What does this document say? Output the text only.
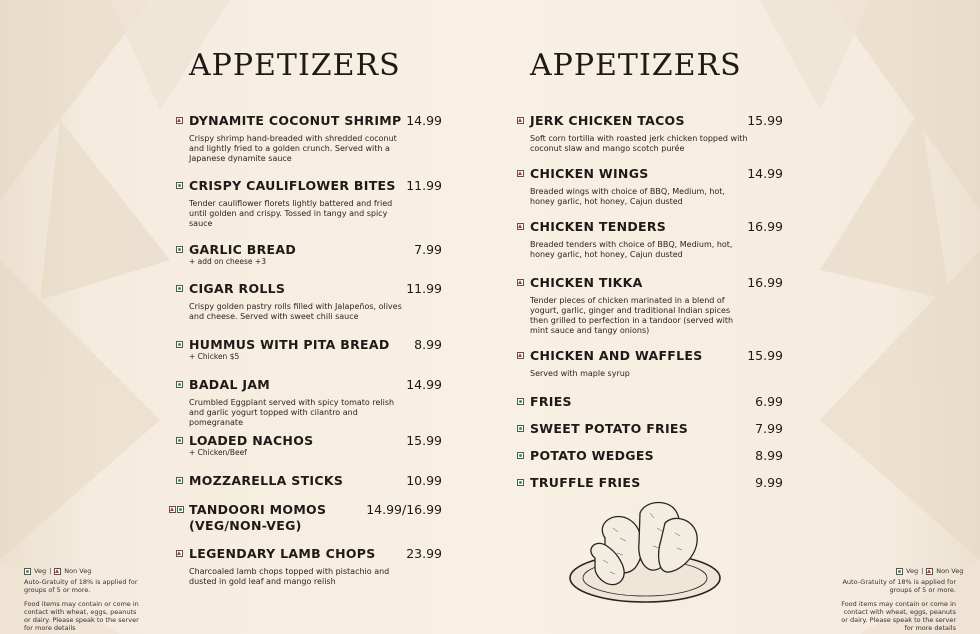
APPETIZERS
DYNAMITE COCONUT SHRIMP 14.99
Crispy shrimp hand-breaded with shredded coconut and lightly fried to a golden crunch. Served with a Japanese dynamite sauce
CRISPY CAULIFLOWER BITES 11.99
Tender cauliflower florets lightly battered and fried until golden and crispy. Tossed in tangy and spicy sauce
GARLIC BREAD	7.99
+ add on cheese +3
CIGAR ROLLS	11.99
Crispy golden pastry rolls filled with Jalapeños, olives and cheese. Served with sweet chili sauce
HUMMUS WITH PITA BREAD 8.99
+ Chicken $5
BADAL JAM	14.99
Crumbled Eggplant served with spicy tomato relish and garlic yogurt topped with cilantro and pomegranate
LOADED NACHOS	15.99
+ Chicken/Beef
MOZZARELLA STICKS	10.99
TANDOORI MOMOS (VEG/NON-VEG)
14.99/16.99
LEGENDARY LAMB CHOPS 23.99
Charcoaled lamb chops topped with pistachio and dusted in gold leaf and mango relish
APPETIZERS
JERK CHICKEN TACOS	15.99
Soft corn tortilla with roasted jerk chicken topped with coconut slaw and mango scotch purée
CHICKEN WINGS	14.99
Breaded wings with choice of BBQ, Medium, hot, honey garlic, hot honey, Cajun dusted
CHICKEN TENDERS	16.99
Breaded tenders with choice of BBQ, Medium, hot, honey garlic, hot honey, Cajun dusted
CHICKEN TIKKA	16.99
Tender pieces of chicken marinated in a blend of yogurt, garlic, ginger and traditional Indian spices then grilled to perfection in a tandoor (served with mint sauce and tangy onions)
CHICKEN AND WAFFLES	15.99
Served with maple syrup
FRIES	6.99
SWEET POTATO FRIES	7.99
POTATO WEDGES	8.99
TRUFFLE FRIES	9.99
Veg | Non Veg
Auto-Gratuity of 18% is applied for groups of 5 or more.
Food items may contain or come in contact with wheat, eggs, peanuts or dairy. Please speak to the server for more details
Veg | Non Veg
Auto-Gratuity of 18% is applied for groups of 5 or more.
Food items may contain or come in contact with wheat, eggs, peanuts or dairy. Please speak to the server for more details
